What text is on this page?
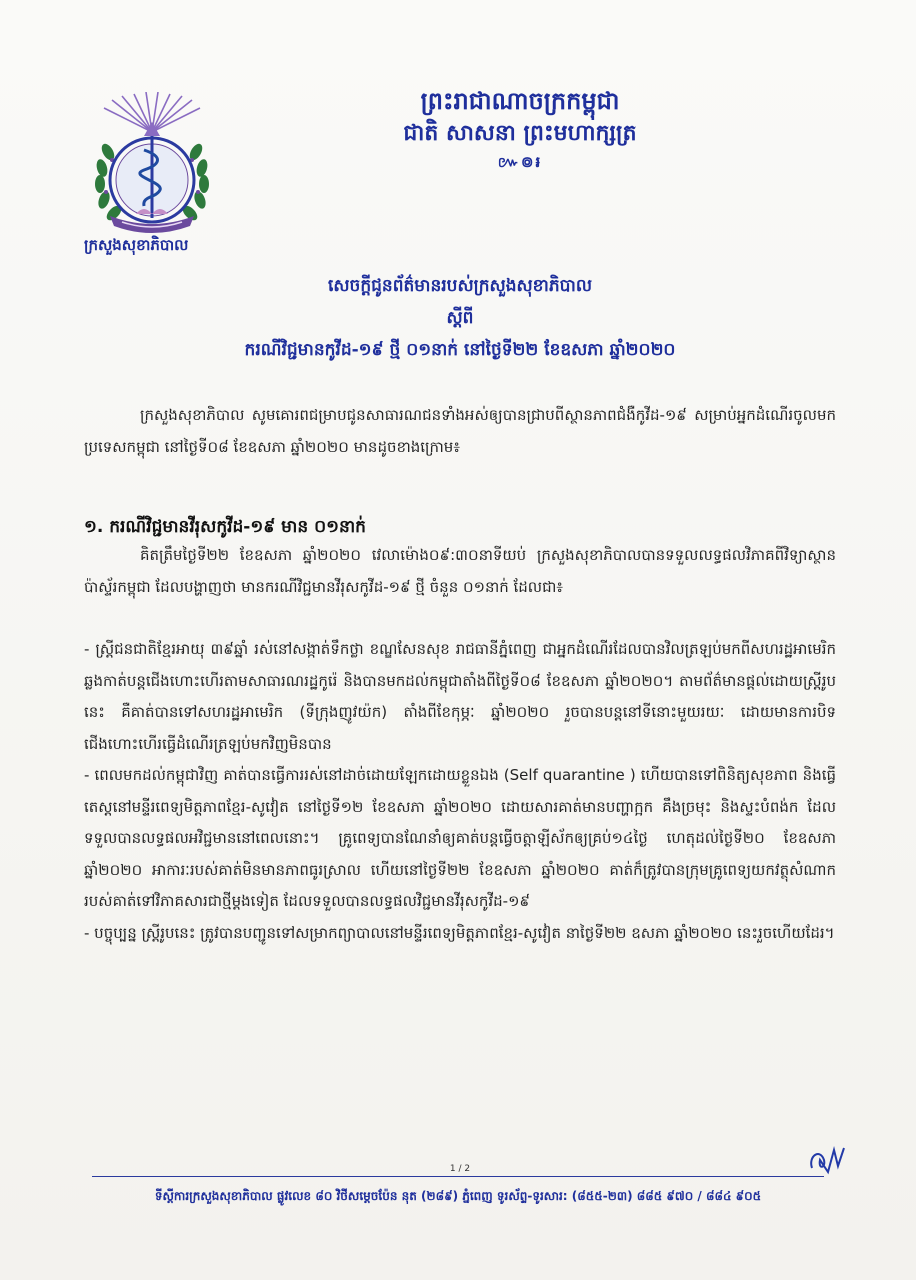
ក្រសួងសុខាភិបាល
ព្រះរាជាណាចក្រកម្ពុជា
ជាតិ សាសនា ព្រះមហាក្សត្រ
៚៙៛
សេចក្តីជូនព័ត៌មានរបស់ក្រសួងសុខាភិបាល
ស្តីពី
ករណីវិជ្ជមានកូវីដ-១៩ ថ្មី ០១នាក់ នៅថ្ងៃទី២២ ខែឧសភា ឆ្នាំ២០២០
ក្រសួងសុខាភិបាល សូមគោរពជម្រាបជូនសាធារណជនទាំងអស់ឲ្យបានជ្រាបពីស្ថានភាពជំងឺកូវីដ-១៩ សម្រាប់អ្នកដំណើរចូលមកប្រទេសកម្ពុជា នៅថ្ងៃទី០៨ ខែឧសភា ឆ្នាំ២០២០ មានដូចខាងក្រោម៖
១. ករណីវិជ្ជមានវីរុសកូវីដ-១៩ មាន ០១នាក់
គិតត្រឹមថ្ងៃទី២២ ខែឧសភា ឆ្នាំ២០២០ វេលាម៉ោង០៩:៣០នាទីយប់ ក្រសួងសុខាភិបាលបានទទួលលទ្ធផលវិភាគពីវិទ្យាស្ថានប៉ាស្ទ័រកម្ពុជា ដែលបង្ហាញថា មានករណីវិជ្ជមានវីរុសកូវីដ-១៩ ថ្មី ចំនួន ០១នាក់ ដែលជា៖

- ស្ត្រីជនជាតិខ្មែរអាយុ ៣៩ឆ្នាំ រស់នៅសង្កាត់ទឹកថ្លា ខណ្ឌសែនសុខ រាជធានីភ្នំពេញ ជាអ្នកដំណើរដែលបានវិលត្រឡប់មកពីសហរដ្ឋអាមេរិក ឆ្លងកាត់បន្តជើងហោះហើរតាមសាធារណរដ្ឋកូរ៉េ និងបានមកដល់កម្ពុជាតាំងពីថ្ងៃទី០៨ ខែឧសភា ឆ្នាំ២០២០។ តាមព័ត៌មានផ្តល់ដោយស្ត្រីរូបនេះ គឺគាត់បានទៅសហរដ្ឋអាមេរិក (ទីក្រុងញូវយ៉ក) តាំងពីខែកុម្ភៈ ឆ្នាំ២០២០ រួចបានបន្តនៅទីនោះមួយរយៈ ដោយមានការបិទជើងហោះហើរធ្វើដំណើរត្រឡប់មកវិញមិនបាន

- ពេលមកដល់កម្ពុជាវិញ គាត់បានធ្វើការរស់នៅដាច់ដោយឡែកដោយខ្លួនឯង (Self quarantine ) ហើយបានទៅពិនិត្យសុខភាព និងធ្វើតេស្តនៅមន្ទីរពេទ្យមិត្តភាពខ្មែរ-សូវៀត នៅថ្ងៃទី១២ ខែឧសភា ឆ្នាំ២០២០ ដោយសារគាត់មានបញ្ហាក្អក គឹងច្រមុះ និងស្ទះបំពង់ក ដែលទទួលបានលទ្ធផលអវិជ្ជមាននៅពេលនោះ។ គ្រូពេទ្យបានណែនាំឲ្យគាត់បន្តធ្វើចត្តាឡីស័កឲ្យគ្រប់១៤ថ្ងៃ ហេតុដល់ថ្ងៃទី២០ ខែឧសភា ឆ្នាំ២០២០ អាការៈរបស់គាត់មិនមានភាពធូរស្រាល ហើយនៅថ្ងៃទី២២ ខែឧសភា ឆ្នាំ២០២០ គាត់ក៏ត្រូវបានក្រុមគ្រូពេទ្យយកវត្ថុសំណាករបស់គាត់ទៅវិភាគសារជាថ្មីម្តងទៀត ដែលទទួលបានលទ្ធផលវិជ្ជមានវីរុសកូវីដ-១៩

- បច្ចុប្បន្ន ស្ត្រីរូបនេះ ត្រូវបានបញ្ជូនទៅសម្រាកព្យាបាលនៅមន្ទីរពេទ្យមិត្តភាពខ្មែរ-សូវៀត នាថ្ងៃទី២២ ឧសភា ឆ្នាំ២០២០ នេះរួចហើយដែរ។

1 / 2
ទីស្តីការក្រសួងសុខាភិបាល ផ្លូវលេខ ៨០ វិថីសម្តេចប៉ែន នុត (២៨៩) ភ្នំពេញ ទូរស័ព្ទ-ទូរសារ: (៨៥៥-២៣) ៨៨៥ ៩៧០ / ៨៨៤ ៩០៥
